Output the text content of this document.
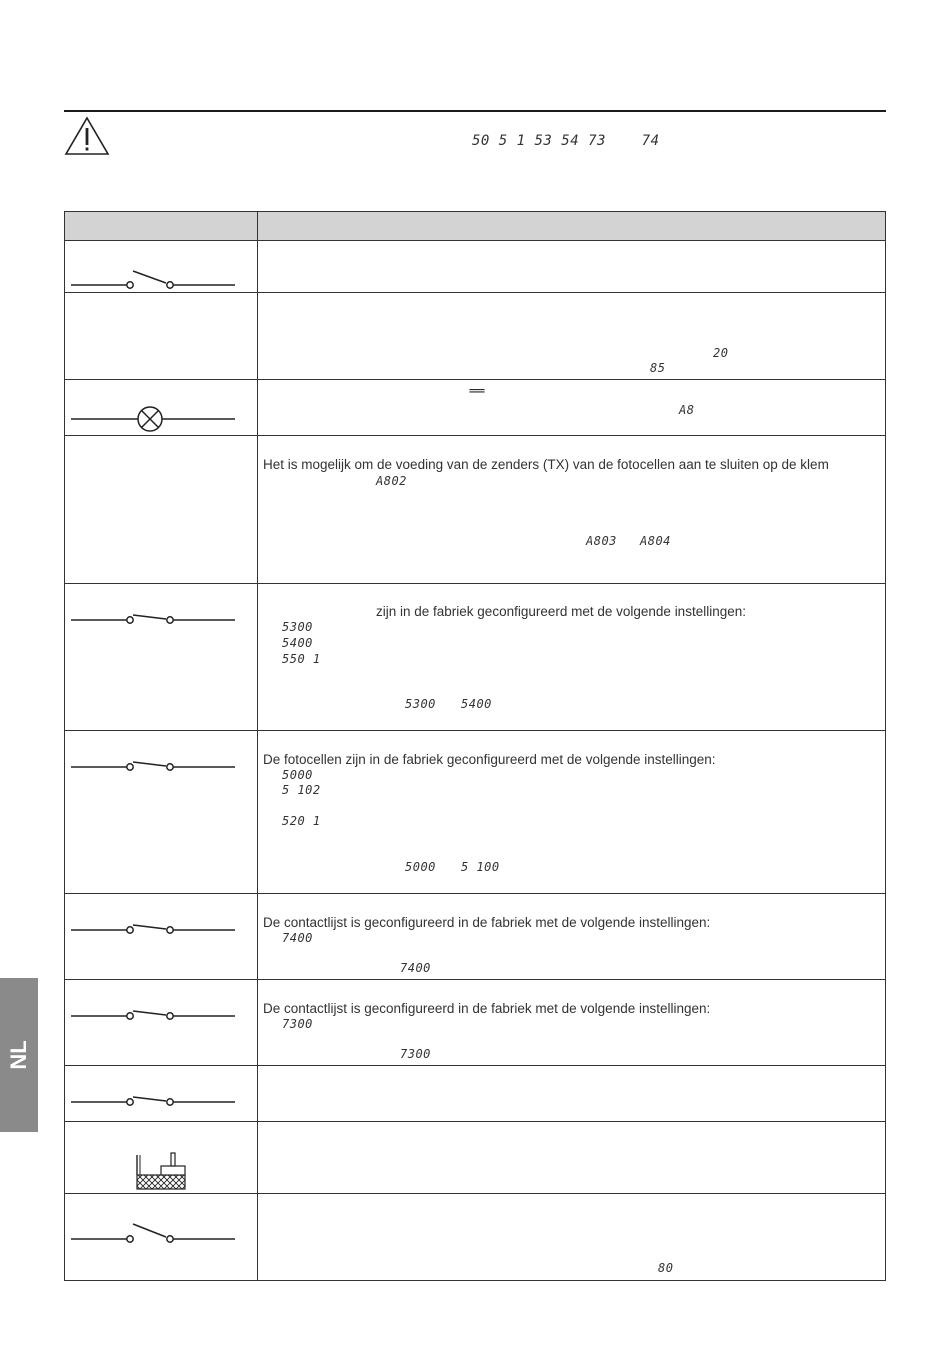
50 5 1 53 54 73    74
NL
20
85
===
A8
Het is mogelijk om de voeding van de zenders (TX) van de fotocellen aan te sluiten op de klem
A802
A803 A804
zijn in de fabriek geconfigureerd met de volgende instellingen:
5300
5400
550 1
5300 5400
De fotocellen zijn in de fabriek geconfigureerd met de volgende instellingen:
5000
5 102
520 1
5000 5 100
De contactlijst is geconfigureerd in de fabriek met de volgende instellingen:
7400
7400
De contactlijst is geconfigureerd in de fabriek met de volgende instellingen:
7300
7300
80
